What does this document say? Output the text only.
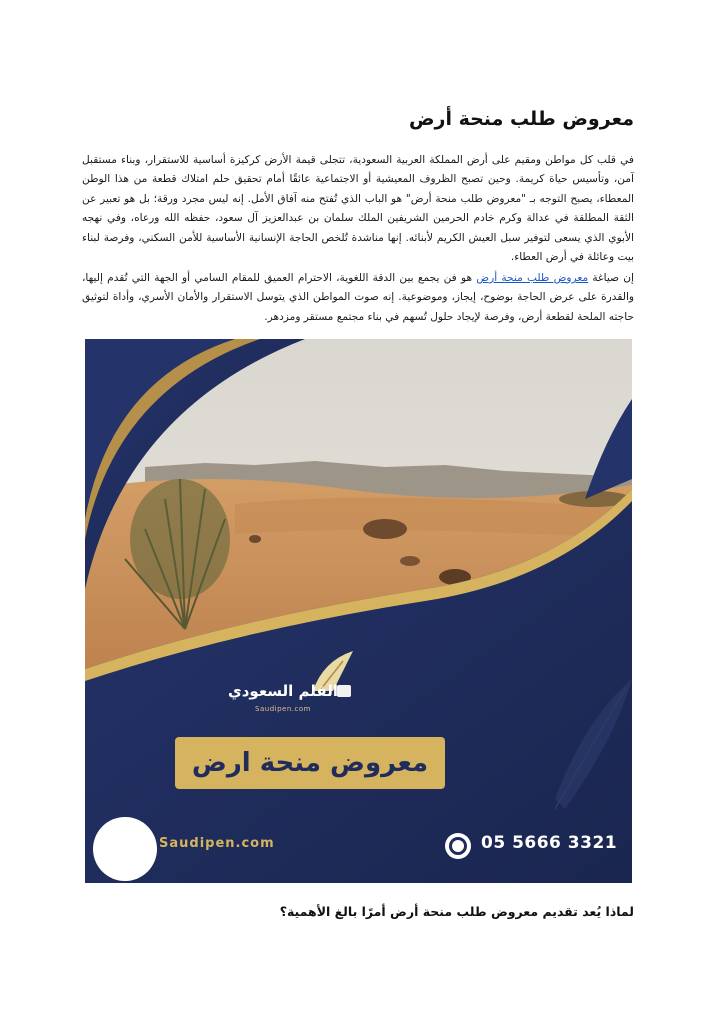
معروض طلب منحة أرض

في قلب كل مواطن ومقيم على أرض المملكة العربية السعودية، تتجلى قيمة الأرض كركيزة أساسية للاستقرار، وبناء مستقبل آمن، وتأسيس حياة كريمة. وحين تصبح الظروف المعيشية أو الاجتماعية عائقًا أمام تحقيق حلم امتلاك قطعة من هذا الوطن المعطاء، يصبح التوجه بـ "معروض طلب منحة أرض" هو الباب الذي تُفتح منه آفاق الأمل. إنه ليس مجرد ورقة؛ بل هو تعبير عن الثقة المطلقة في عدالة وكرم خادم الحرمين الشريفين الملك سلمان بن عبدالعزيز آل سعود، حفظه الله ورعاه، وفي نهجه الأبوي الذي يسعى لتوفير سبل العيش الكريم لأبنائه. إنها مناشدة تُلخص الحاجة الإنسانية الأساسية للأمن السكني، وفرصة لبناء بيت وعائلة في أرض العطاء.

إن صياغة معروض طلب منحة أرض هو فن يجمع بين الدقة اللغوية، الاحترام العميق للمقام السامي أو الجهة التي تُقدم إليها، والقدرة على عرض الحاجة بوضوح، إيجاز، وموضوعية. إنه صوت المواطن الذي يتوسل الاستقرار والأمان الأسري، وأداة لتوثيق حاجته الملحة لقطعة أرض، وفرصة لإيجاد حلول تُسهم في بناء مجتمع مستقر ومزدهر.

القلم السعودي
Saudipen.com
معروض منحة ارض
Saudipen.com	05 5666 3321
لماذا يُعد تقديم معروض طلب منحة أرض أمرًا بالغ الأهمية؟
